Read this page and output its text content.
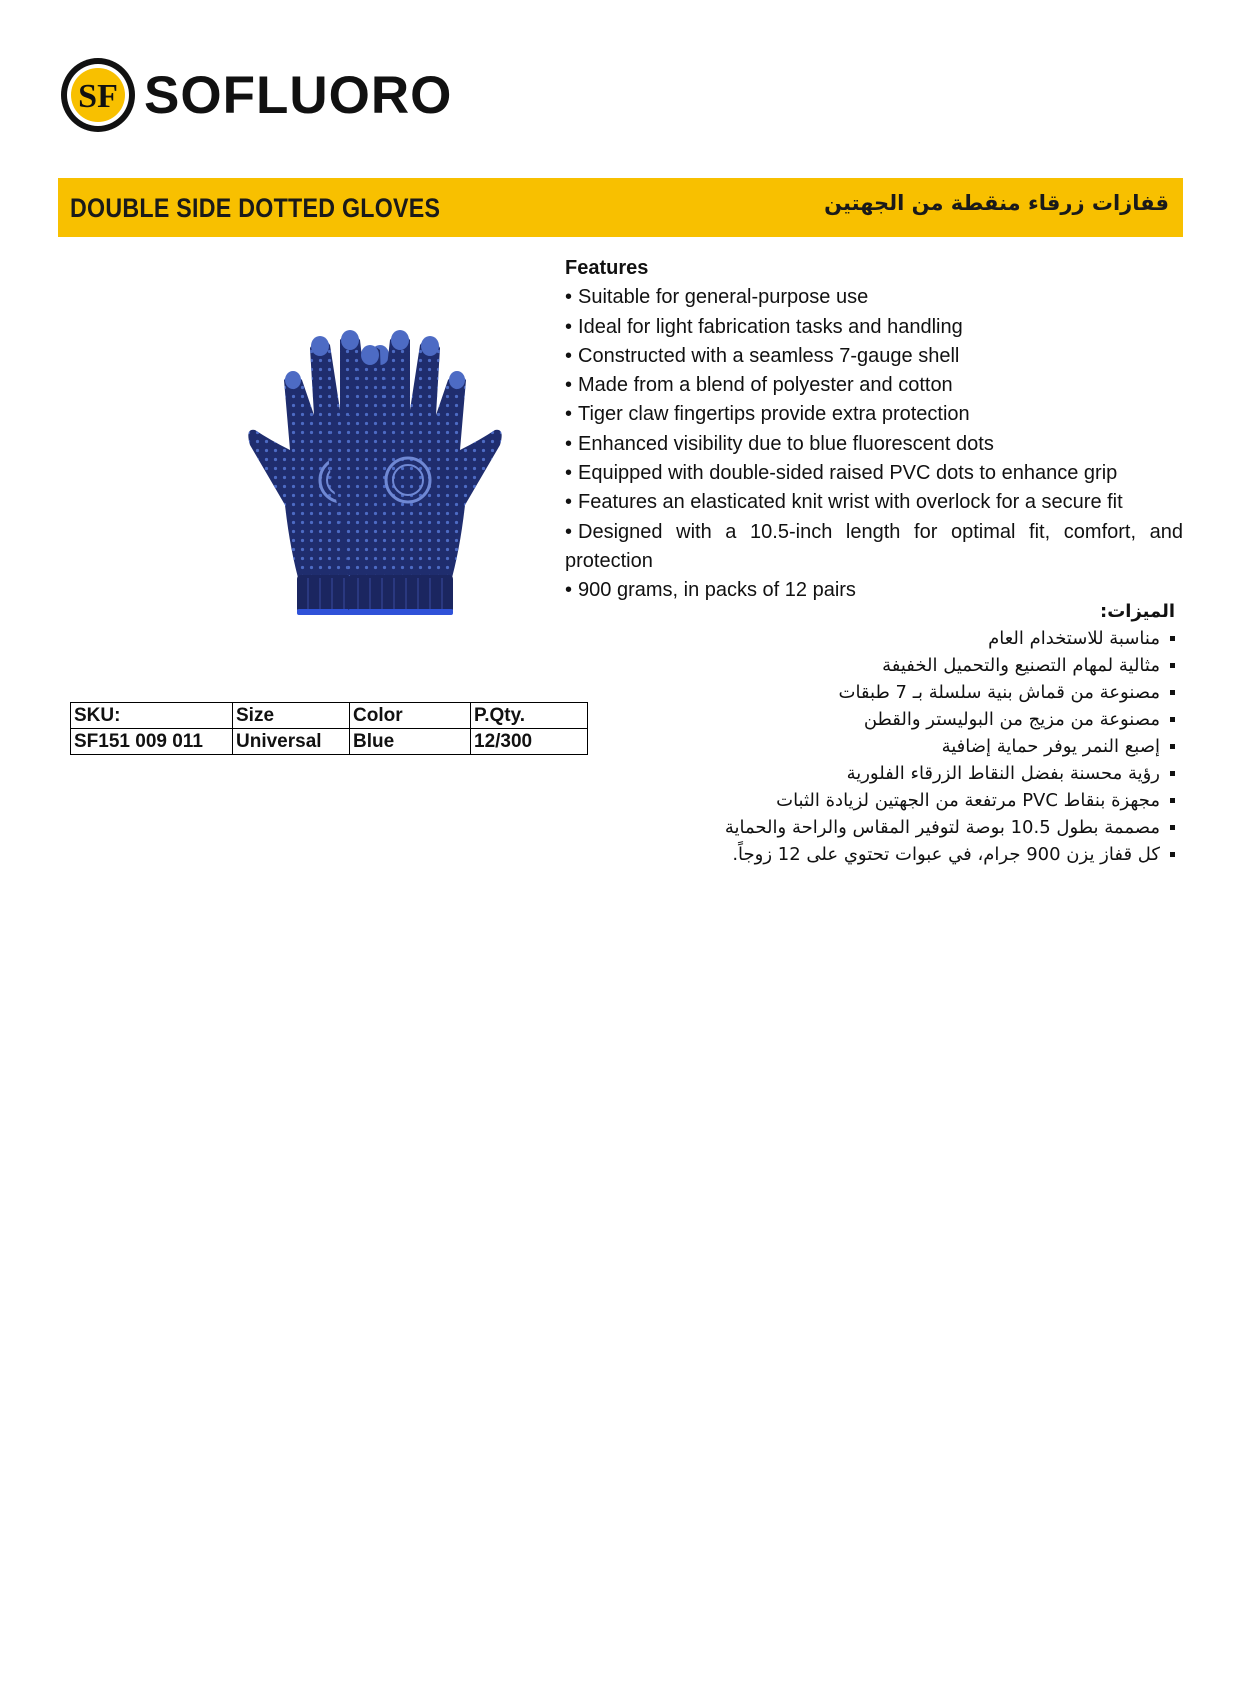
SF SOFLUORO
DOUBLE SIDE DOTTED GLOVES	قفازات زرقاء منقطة من الجهتين
SKU:	Size	Color	P.Qty.
SF151 009 011	Universal	Blue	12/300
Features
• Suitable for general-purpose use
• Ideal for light fabrication tasks and handling
• Constructed with a seamless 7-gauge shell
• Made from a blend of polyester and cotton
• Tiger claw fingertips provide extra protection
• Enhanced visibility due to blue fluorescent dots
• Equipped with double-sided raised PVC dots to enhance grip
• Features an elasticated knit wrist with overlock for a secure fit
• Designed with a 10.5-inch length for optimal fit, comfort, and protection
• 900 grams, in packs of 12 pairs
الميزات:
مناسبة للاستخدام العام
مثالية لمهام التصنيع والتحميل الخفيفة
مصنوعة من قماش بنية سلسلة بـ 7 طبقات
مصنوعة من مزيج من البوليستر والقطن
إصبع النمر يوفر حماية إضافية
رؤية محسنة بفضل النقاط الزرقاء الفلورية
مجهزة بنقاط PVC مرتفعة من الجهتين لزيادة الثبات
مصممة بطول 10.5 بوصة لتوفير المقاس والراحة والحماية
كل قفاز يزن 900 جرام، في عبوات تحتوي على 12 زوجاً.
